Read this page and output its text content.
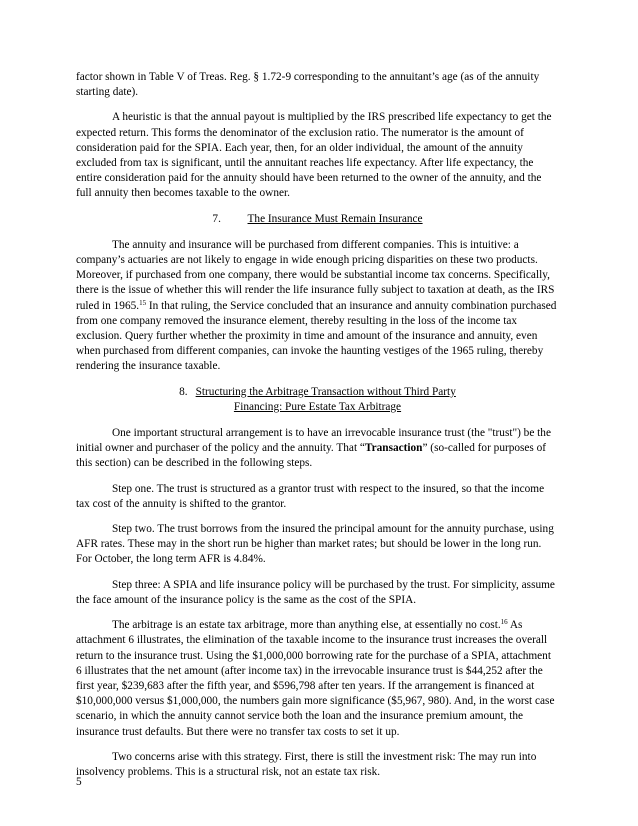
factor shown in Table V of Treas. Reg. § 1.72-9 corresponding to the annuitant’s age (as of the annuity starting date).

A heuristic is that the annual payout is multiplied by the IRS prescribed life expectancy to get the expected return. This forms the denominator of the exclusion ratio. The numerator is the amount of consideration paid for the SPIA. Each year, then, for an older individual, the amount of the annuity excluded from tax is significant, until the annuitant reaches life expectancy. After life expectancy, the entire consideration paid for the annuity should have been returned to the owner of the annuity, and the full annuity then becomes taxable to the owner.

7. The Insurance Must Remain Insurance

The annuity and insurance will be purchased from different companies. This is intuitive: a company’s actuaries are not likely to engage in wide enough pricing disparities on these two products. Moreover, if purchased from one company, there would be substantial income tax concerns. Specifically, there is the issue of whether this will render the life insurance fully subject to taxation at death, as the IRS ruled in 1965.15 In that ruling, the Service concluded that an insurance and annuity combination purchased from one company removed the insurance element, thereby resulting in the loss of the income tax exclusion. Query further whether the proximity in time and amount of the insurance and annuity, even when purchased from different companies, can invoke the haunting vestiges of the 1965 ruling, thereby rendering the insurance taxable.

8. Structuring the Arbitrage Transaction without Third Party
Financing: Pure Estate Tax Arbitrage

One important structural arrangement is to have an irrevocable insurance trust (the "trust") be the initial owner and purchaser of the policy and the annuity. That “Transaction” (so-called for purposes of this section) can be described in the following steps.

Step one. The trust is structured as a grantor trust with respect to the insured, so that the income tax cost of the annuity is shifted to the grantor.

Step two. The trust borrows from the insured the principal amount for the annuity purchase, using AFR rates. These may in the short run be higher than market rates; but should be lower in the long run. For October, the long term AFR is 4.84%.

Step three: A SPIA and life insurance policy will be purchased by the trust. For simplicity, assume the face amount of the insurance policy is the same as the cost of the SPIA.

The arbitrage is an estate tax arbitrage, more than anything else, at essentially no cost.$^{16}$ As attachment 6 illustrates, the elimination of the taxable income to the insurance trust increases the overall return to the insurance trust. Using the $1,000,000 borrowing rate for the purchase of a SPIA, attachment 6 illustrates that the net amount (after income tax) in the irrevocable insurance trust is $44,252 after the first year, $239,683 after the fifth year, and $596,798 after ten years. If the arrangement is financed at $10,000,000 versus $1,000,000, the numbers gain more significance ($5,967, 980). And, in the worst case scenario, in which the annuity cannot service both the loan and the insurance premium amount, the insurance trust defaults. But there were no transfer tax costs to set it up.

Two concerns arise with this strategy. First, there is still the investment risk: The may run into insolvency problems. This is a structural risk, not an estate tax risk.

5
